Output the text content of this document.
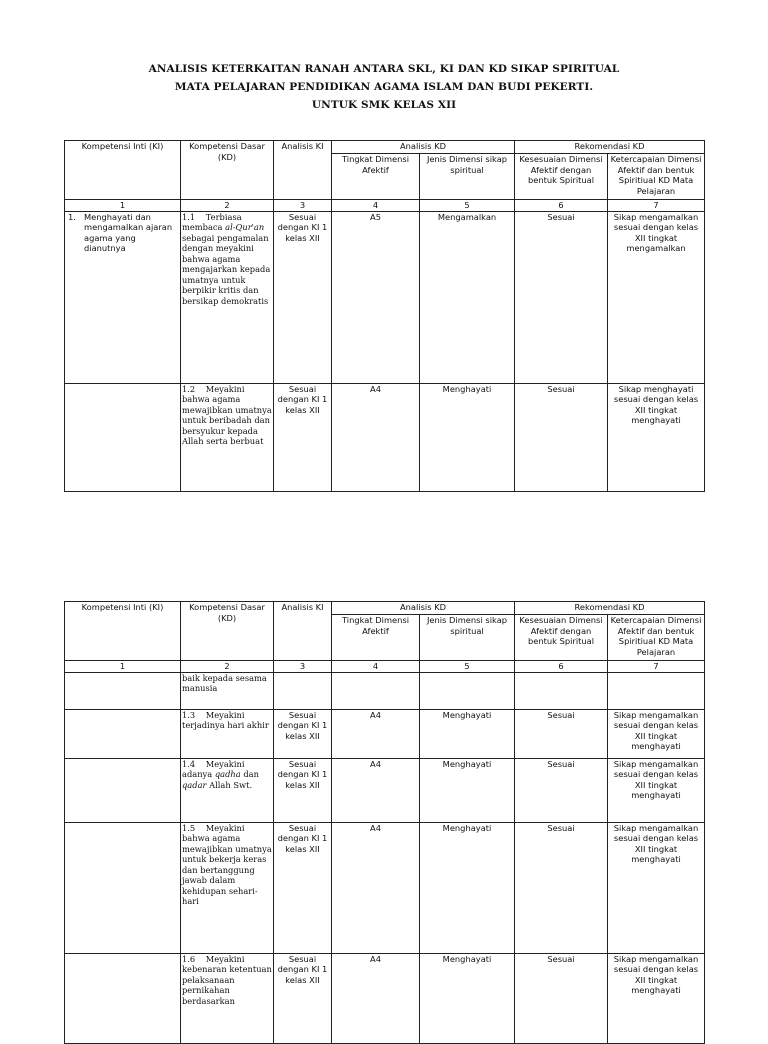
ANALISIS KETERKAITAN RANAH ANTARA SKL, KI DAN KD SIKAP SPIRITUAL
MATA PELAJARAN PENDIDIKAN AGAMA ISLAM DAN BUDI PEKERTI.
UNTUK SMK KELAS XII
Kompetensi Inti (KI)	Kompetensi Dasar (KD)	Analisis KI	Analisis KD		Rekomendasi KD	
			Tingkat Dimensi Afektif	Jenis Dimensi sikap spiritual	Kesesuaian Dimensi Afektif dengan bentuk Spiritual	Ketercapaian Dimensi Afektif dan bentuk Spiritiual KD Mata Pelajaran
1	2	3	4	5	6	7

1. Menghayati dan mengamalkan ajaran agama yang dianutnya	1.1 Terbiasa membaca al-Qur'an sebagai pengamalan dengan meyakini bahwa agama mengajarkan kepada umatnya untuk berpikir kritis dan bersikap demokratis	Sesuai dengan KI 1 kelas XII	A5	Mengamalkan	Sesuai	Sikap mengamalkan sesuai dengan kelas XII tingkat mengamalkan
	1.2 Meyakini bahwa agama mewajibkan umatnya untuk beribadah dan bersyukur kepada Allah serta berbuat	Sesuai dengan KI 1 kelas XII	A4	Menghayati	Sesuai	Sikap menghayati sesuai dengan kelas XII tingkat menghayati
Kompetensi Inti (KI)	Kompetensi Dasar (KD)	Analisis KI	Analisis KD		Rekomendasi KD	
			Tingkat Dimensi Afektif	Jenis Dimensi sikap spiritual	Kesesuaian Dimensi Afektif dengan bentuk Spiritual	Ketercapaian Dimensi Afektif dan bentuk Spiritiual KD Mata Pelajaran
1	2	3	4	5	6	7
	baik kepada sesama manusia					
	1.3 Meyakini terjadinya hari akhir	Sesuai dengan KI 1 kelas XII	A4	Menghayati	Sesuai	Sikap mengamalkan sesuai dengan kelas XII tingkat menghayati
	1.4 Meyakini adanya qadha dan qadar Allah Swt.	Sesuai dengan KI 1 kelas XII	A4	Menghayati	Sesuai	Sikap mengamalkan sesuai dengan kelas XII tingkat menghayati
	1.5 Meyakini bahwa agama mewajibkan umatnya untuk bekerja keras dan bertanggung jawab dalam kehidupan sehari-hari	Sesuai dengan KI 1 kelas XII	A4	Menghayati	Sesuai	Sikap mengamalkan sesuai dengan kelas XII tingkat menghayati
	1.6 Meyakini kebenaran ketentuan pelaksanaan pernikahan berdasarkan	Sesuai dengan KI 1 kelas XII	A4	Menghayati	Sesuai	Sikap mengamalkan sesuai dengan kelas XII tingkat menghayati
